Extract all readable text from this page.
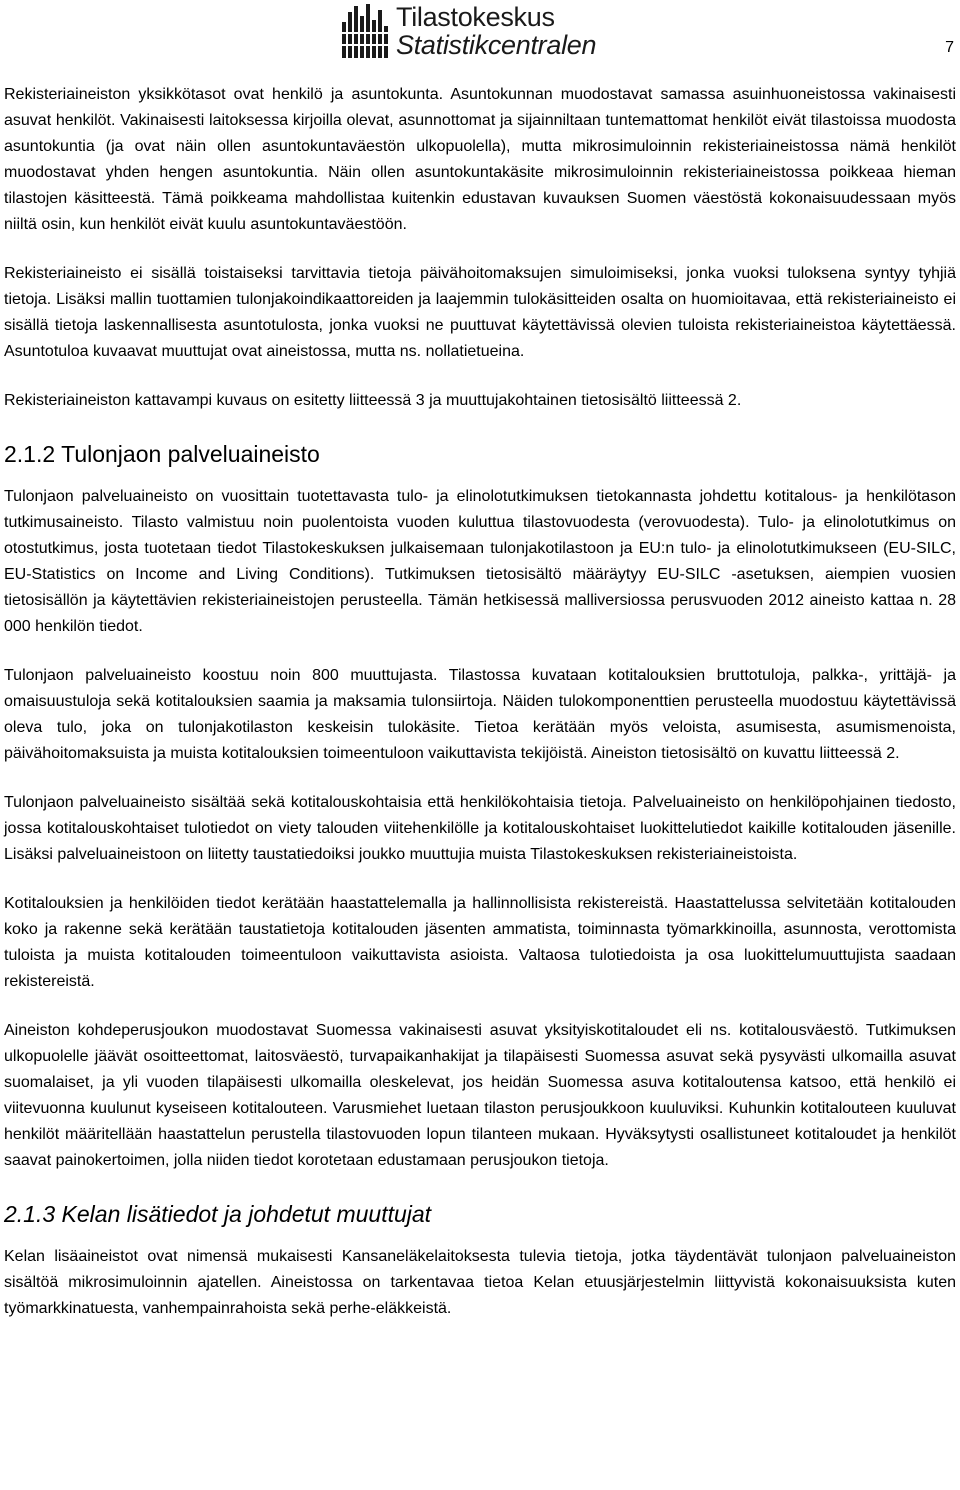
Tilastokeskus
Statistikcentralen	7

Rekisteriaineiston yksikkötasot ovat henkilö ja asuntokunta. Asuntokunnan muodostavat samassa asuinhuoneistossa vakinaisesti asuvat henkilöt. Vakinaisesti laitoksessa kirjoilla olevat, asunnottomat ja sijainniltaan tuntemattomat henkilöt eivät tilastoissa muodosta asuntokuntia (ja ovat näin ollen asuntokuntaväestön ulkopuolella), mutta mikrosimuloinnin rekisteriaineistossa nämä henkilöt muodostavat yhden hengen asuntokuntia. Näin ollen asuntokuntakäsite mikrosimuloinnin rekisteriaineistossa poikkeaa hieman tilastojen käsitteestä. Tämä poikkeama mahdollistaa kuitenkin edustavan kuvauksen Suomen väestöstä kokonaisuudessaan myös niiltä osin, kun henkilöt eivät kuulu asuntokuntaväestöön.

Rekisteriaineisto ei sisällä toistaiseksi tarvittavia tietoja päivähoitomaksujen simuloimiseksi, jonka vuoksi tuloksena syntyy tyhjiä tietoja. Lisäksi mallin tuottamien tulonjakoindikaattoreiden ja laajemmin tulokäsitteiden osalta on huomioitavaa, että rekisteriaineisto ei sisällä tietoja laskennallisesta asuntotulosta, jonka vuoksi ne puuttuvat käytettävissä olevien tuloista rekisteriaineistoa käytettäessä. Asuntotuloa kuvaavat muuttujat ovat aineistossa, mutta ns. nollatietueina.

Rekisteriaineiston kattavampi kuvaus on esitetty liitteessä 3 ja muuttujakohtainen tietosisältö liitteessä 2.

2.1.2 Tulonjaon palveluaineisto

Tulonjaon palveluaineisto on vuosittain tuotettavasta tulo- ja elinolotutkimuksen tietokannasta johdettu kotitalous- ja henkilötason tutkimusaineisto. Tilasto valmistuu noin puolentoista vuoden kuluttua tilastovuodesta (verovuodesta). Tulo- ja elinolotutkimus on otostutkimus, josta tuotetaan tiedot Tilastokeskuksen julkaisemaan tulonjakotilastoon ja EU:n tulo- ja elinolotutkimukseen (EU-SILC, EU-Statistics on Income and Living Conditions). Tutkimuksen tietosisältö määräytyy EU-SILC -asetuksen, aiempien vuosien tietosisällön ja käytettävien rekisteriaineistojen perusteella. Tämän hetkisessä malliversiossa perusvuoden 2012 aineisto kattaa n. 28 000 henkilön tiedot.

Tulonjaon palveluaineisto koostuu noin 800 muuttujasta. Tilastossa kuvataan kotitalouksien bruttotuloja, palkka-, yrittäjä- ja omaisuustuloja sekä kotitalouksien saamia ja maksamia tulonsiirtoja. Näiden tulokomponenttien perusteella muodostuu käytettävissä oleva tulo, joka on tulonjakotilaston keskeisin tulokäsite. Tietoa kerätään myös veloista, asumisesta, asumismenoista, päivähoitomaksuista ja muista kotitalouksien toimeentuloon vaikuttavista tekijöistä. Aineiston tietosisältö on kuvattu liitteessä 2.

Tulonjaon palveluaineisto sisältää sekä kotitalouskohtaisia että henkilökohtaisia tietoja. Palveluaineisto on henkilöpohjainen tiedosto, jossa kotitalouskohtaiset tulotiedot on viety talouden viitehenkilölle ja kotitalouskohtaiset luokittelutiedot kaikille kotitalouden jäsenille. Lisäksi palveluaineistoon on liitetty taustatiedoiksi joukko muuttujia muista Tilastokeskuksen rekisteriaineistoista.

Kotitalouksien ja henkilöiden tiedot kerätään haastattelemalla ja hallinnollisista rekistereistä. Haastattelussa selvitetään kotitalouden koko ja rakenne sekä kerätään taustatietoja kotitalouden jäsenten ammatista, toiminnasta työmarkkinoilla, asunnosta, verottomista tuloista ja muista kotitalouden toimeentuloon vaikuttavista asioista. Valtaosa tulotiedoista ja osa luokittelumuuttujista saadaan rekistereistä.

Aineiston kohdeperusjoukon muodostavat Suomessa vakinaisesti asuvat yksityiskotitaloudet eli ns. kotitalousväestö. Tutkimuksen ulkopuolelle jäävät osoitteettomat, laitosväestö, turvapaikanhakijat ja tilapäisesti Suomessa asuvat sekä pysyvästi ulkomailla asuvat suomalaiset, ja yli vuoden tilapäisesti ulkomailla oleskelevat, jos heidän Suomessa asuva kotitaloutensa katsoo, että henkilö ei viitevuonna kuulunut kyseiseen kotitalouteen. Varusmiehet luetaan tilaston perusjoukkoon kuuluviksi. Kuhunkin kotitalouteen kuuluvat henkilöt määritellään haastattelun perustella tilastovuoden lopun tilanteen mukaan. Hyväksytysti osallistuneet kotitaloudet ja henkilöt saavat painokertoimen, jolla niiden tiedot korotetaan edustamaan perusjoukon tietoja.

2.1.3 Kelan lisätiedot ja johdetut muuttujat

Kelan lisäaineistot ovat nimensä mukaisesti Kansaneläkelaitoksesta tulevia tietoja, jotka täydentävät tulonjaon palveluaineiston sisältöä mikrosimuloinnin ajatellen. Aineistossa on tarkentavaa tietoa Kelan etuusjärjestelmin liittyvistä kokonaisuuksista kuten työmarkkinatuesta, vanhempainrahoista sekä perhe-eläkkeistä.
